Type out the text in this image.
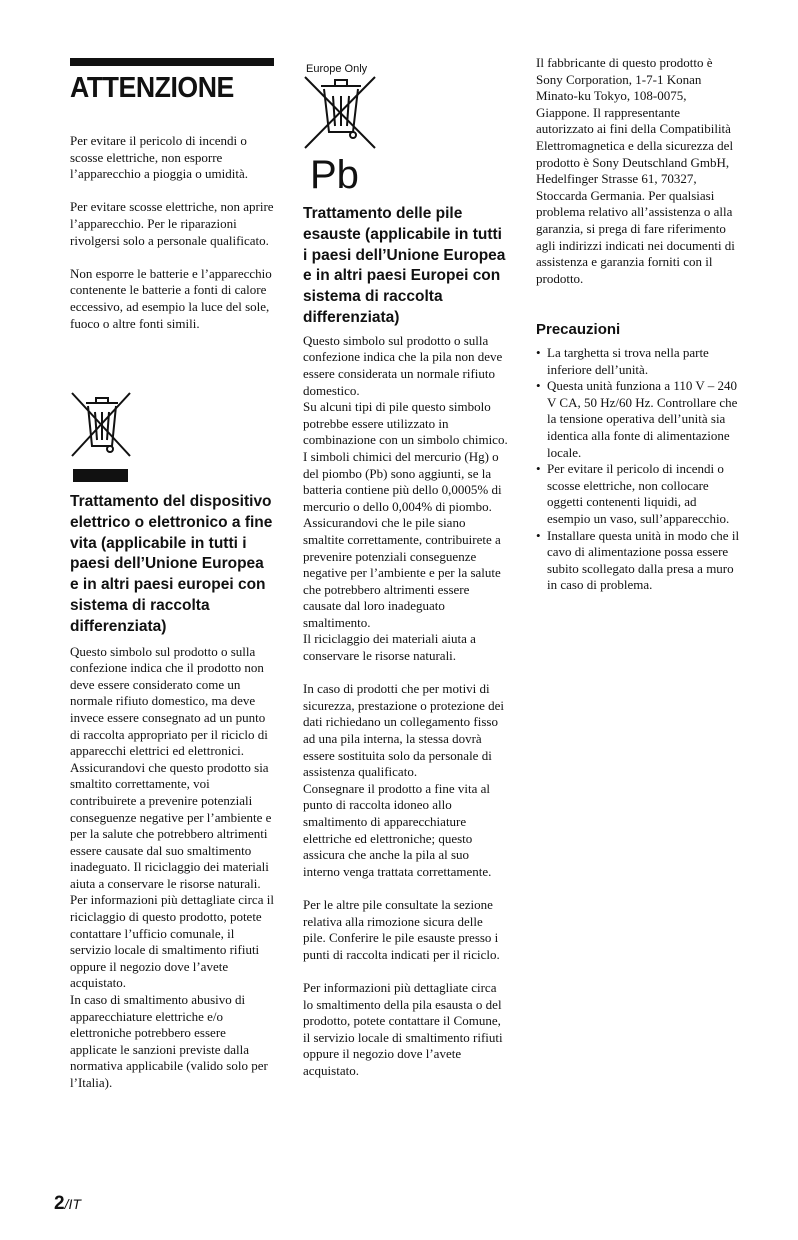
ATTENZIONE

Per evitare il pericolo di incendi o scosse elettriche, non esporre l’apparecchio a pioggia o umidità.

Per evitare scosse elettriche, non aprire l’apparecchio. Per le riparazioni rivolgersi solo a personale qualificato.

Non esporre le batterie e l’apparecchio contenente le batterie a fonti di calore eccessivo, ad esempio la luce del sole, fuoco o altre fonti simili.

Trattamento del dispositivo elettrico o elettronico a fine vita (applicabile in tutti i paesi dell’Unione Europea e in altri paesi europei con sistema di raccolta differenziata)

Questo simbolo sul prodotto o sulla confezione indica che il prodotto non deve essere considerato come un normale rifiuto domestico, ma deve invece essere consegnato ad un punto di raccolta appropriato per il riciclo di apparecchi elettrici ed elettronici. Assicurandovi che questo prodotto sia smaltito correttamente, voi contribuirete a prevenire potenziali conseguenze negative per l’ambiente e per la salute che potrebbero altrimenti essere causate dal suo smaltimento inadeguato. Il riciclaggio dei materiali aiuta a conservare le risorse naturali. Per informazioni più dettagliate circa il riciclaggio di questo prodotto, potete contattare l’ufficio comunale, il servizio locale di smaltimento rifiuti oppure il negozio dove l’avete acquistato.

In caso di smaltimento abusivo di apparecchiature elettriche e/o elettroniche potrebbero essere applicate le sanzioni previste dalla normativa applicabile (valido solo per l’Italia).

Europe Only
Pb
Trattamento delle pile esauste (applicabile in tutti i paesi dell’Unione Europea e in altri paesi Europei con sistema di raccolta differenziata)

Questo simbolo sul prodotto o sulla confezione indica che la pila non deve essere considerata un normale rifiuto domestico.

Su alcuni tipi di pile questo simbolo potrebbe essere utilizzato in combinazione con un simbolo chimico. I simboli chimici del mercurio (Hg) o del piombo (Pb) sono aggiunti, se la batteria contiene più dello 0,0005% di mercurio o dello 0,004% di piombo.

Assicurandovi che le pile siano smaltite correttamente, contribuirete a prevenire potenziali conseguenze negative per l’ambiente e per la salute che potrebbero altrimenti essere causate dal loro inadeguato smaltimento.

Il riciclaggio dei materiali aiuta a conservare le risorse naturali.

In caso di prodotti che per motivi di sicurezza, prestazione o protezione dei dati richiedano un collegamento fisso ad una pila interna, la stessa dovrà essere sostituita solo da personale di assistenza qualificato.

Consegnare il prodotto a fine vita al punto di raccolta idoneo allo smaltimento di apparecchiature elettriche ed elettroniche; questo assicura che anche la pila al suo interno venga trattata correttamente.

Per le altre pile consultate la sezione relativa alla rimozione sicura delle pile. Conferire le pile esauste presso i punti di raccolta indicati per il riciclo.

Per informazioni più dettagliate circa lo smaltimento della pila esausta o del prodotto, potete contattare il Comune, il servizio locale di smaltimento rifiuti oppure il negozio dove l’avete acquistato.

Il fabbricante di questo prodotto è Sony Corporation, 1-7-1 Konan Minato-ku Tokyo, 108-0075, Giappone. Il rappresentante autorizzato ai fini della Compatibilità Elettromagnetica e della sicurezza del prodotto è Sony Deutschland GmbH, Hedelfinger Strasse 61, 70327, Stoccarda Germania. Per qualsiasi problema relativo all’assistenza o alla garanzia, si prega di fare riferimento agli indirizzi indicati nei documenti di assistenza e garanzia forniti con il prodotto.

Precauzioni
• La targhetta si trova nella parte inferiore dell’unità.
• Questa unità funziona a 110 V – 240 V CA, 50 Hz/60 Hz. Controllare che la tensione operativa dell’unità sia identica alla fonte di alimentazione locale.
• Per evitare il pericolo di incendi o scosse elettriche, non collocare oggetti contenenti liquidi, ad esempio un vaso, sull’apparecchio.
• Installare questa unità in modo che il cavo di alimentazione possa essere subito scollegato dalla presa a muro in caso di problema.
2/IT
